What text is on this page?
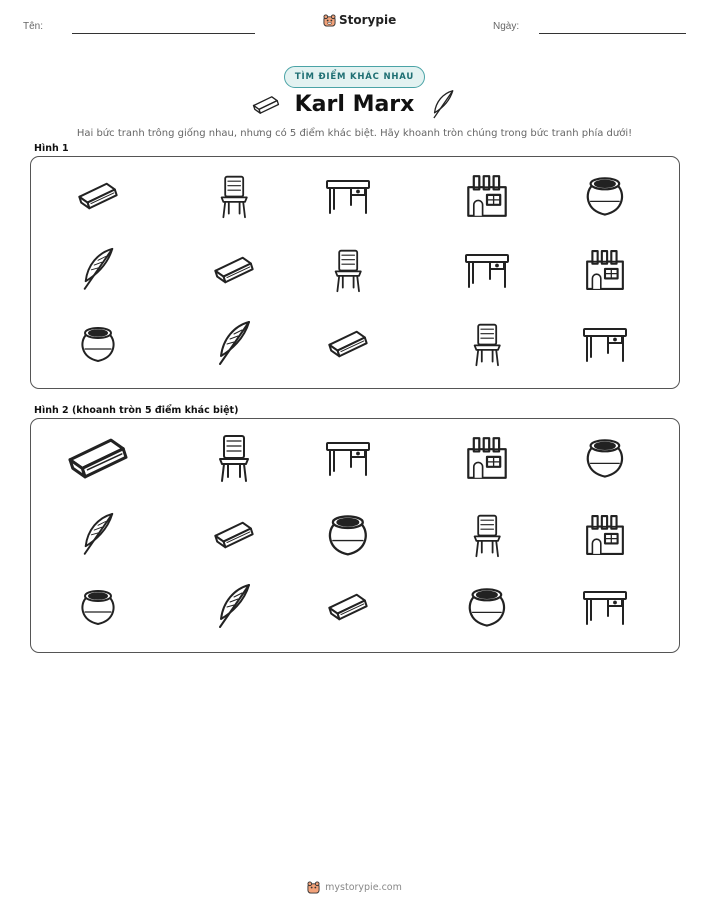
Tên:	Storypie	Ngày:
TÌM ĐIỂM KHÁC NHAU
Karl Marx
Hai bức tranh trông giống nhau, nhưng có 5 điểm khác biệt. Hãy khoanh tròn chúng trong bức tranh phía dưới!
Hình 1
Hình 2 (khoanh tròn 5 điểm khác biệt)
mystorypie.com
